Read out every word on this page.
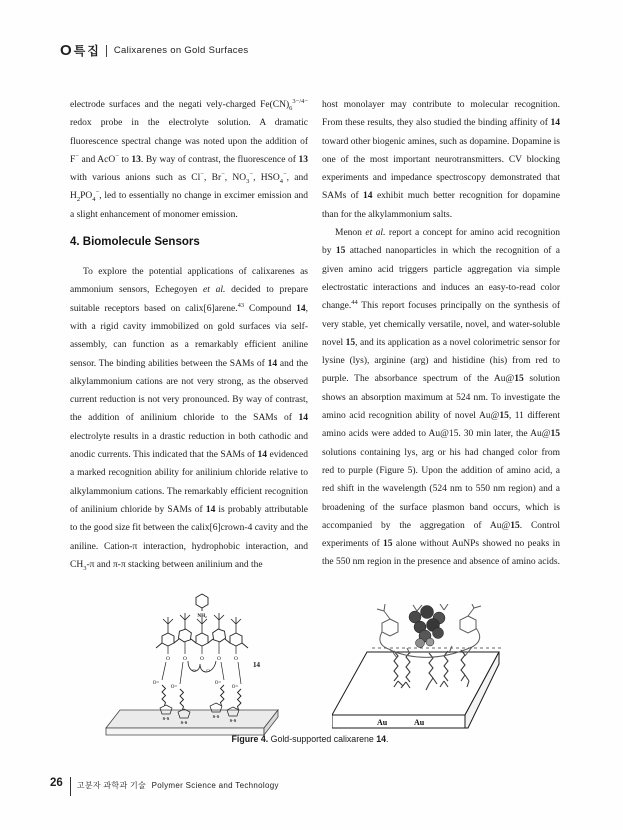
O 특집 Calixarenes on Gold Surfaces

electrode surfaces and the negati vely-charged $Fe(CN)_6^{3-/4-}$ redox probe in the electrolyte solution. A dramatic fluorescence spectral change was noted upon the addition of F− and AcO− to 13. By way of contrast, the fluorescence of 13 with various anions such as Cl−, Br−, $NO_3^-$, $HSO_4^-$, and $H_2PO_4^-$, led to essentially no change in excimer emission and a slight enhancement of monomer emission.

4. Biomolecule Sensors

To explore the potential applications of calixarenes as ammonium sensors, Echegoyen et al. decided to prepare suitable receptors based on calix[6]arene.$^{43}$ Compound 14, with a rigid cavity immobilized on gold surfaces via self-assembly, can function as a remarkably efficient aniline sensor. The binding abilities between the SAMs of 14 and the alkylammonium cations are not very strong, as the observed current reduction is not very pronounced. By way of contrast, the addition of anilinium chloride to the SAMs of 14 electrolyte results in a drastic reduction in both cathodic and anodic currents. This indicated that the SAMs of 14 evidenced a marked recognition ability for anilinium chloride relative to alkylammonium cations. The remarkably efficient recognition of anilinium chloride by SAMs of 14 is probably attributable to the good size fit between the calix[6]crown-4 cavity and the aniline. Cation-π interaction, hydrophobic interaction, and $CH_3-\pi$ and π-π stacking between anilinium and the

host monolayer may contribute to molecular recognition. From these results, they also studied the binding affinity of 14 toward other biogenic amines, such as dopamine. Dopamine is one of the most important neurotransmitters. CV blocking experiments and impedance spectroscopy demonstrated that SAMs of 14 exhibit much better recognition for dopamine than for the alkylammonium salts.

Menon et al. report a concept for amino acid recognition by 15 attached nanoparticles in which the recognition of a given amino acid triggers particle aggregation via simple electrostatic interactions and induces an easy-to-read color change.$^{44}$ This report focuses principally on the synthesis of very stable, yet chemically versatile, novel, and water-soluble novel 15, and its application as a novel colorimetric sensor for lysine (lys), arginine (arg) and histidine (his) from red to purple. The absorbance spectrum of the Au@15 solution shows an absorption maximum at 524 nm. To investigate the amino acid recognition ability of novel Au@15, 11 different amino acids were added to Au@15. 30 min later, the Au@15 solutions containing lys, arg or his had changed color from red to purple (Figure 5). Upon the addition of amino acid, a red shift in the wavelength (524 nm to 550 nm region) and a broadening of the surface plasmon band occurs, which is accompanied by the aggregation of Au@15. Control experiments of 15 alone without AuNPs showed no peaks in the 550 nm region in the presence and absence of amino acids.

NH₂
O O O O O
O O
O=
O=
O=
O=
S-S
S-S
S-S
S-S
14
Au	Au
Figure 4. Gold-supported calixarene 14.
26 고분자 과학과 기술 Polymer Science and Technology
